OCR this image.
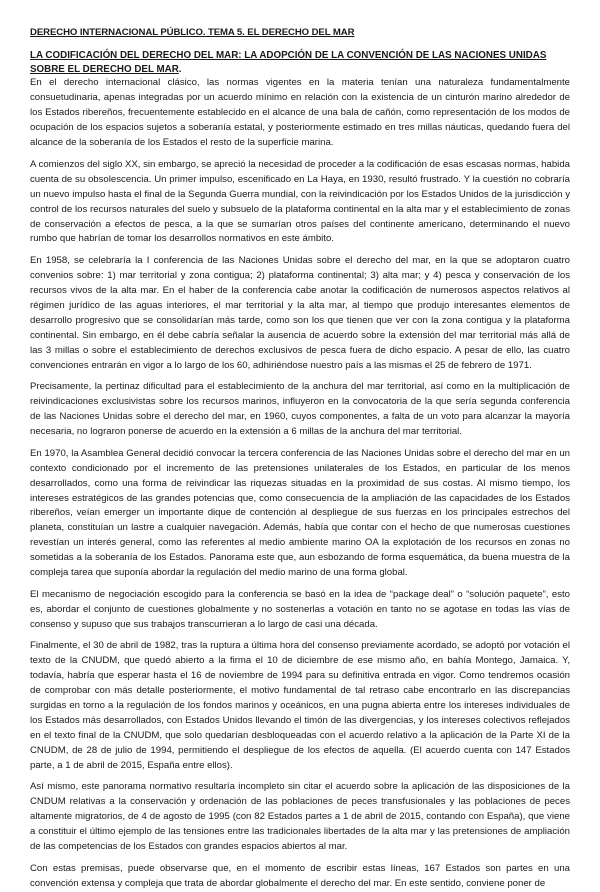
DERECHO INTERNACIONAL PÚBLICO. TEMA 5. EL DERECHO DEL MAR
LA CODIFICACIÓN DEL DERECHO DEL MAR: LA ADOPCIÓN DE LA CONVENCIÓN DE LAS NACIONES UNIDAS SOBRE EL DERECHO DEL MAR.

En el derecho internacional clásico, las normas vigentes en la materia tenían una naturaleza fundamentalmente consuetudinaria, apenas integradas por un acuerdo mínimo en relación con la existencia de un cinturón marino alrededor de los Estados ribereños, frecuentemente establecido en el alcance de una bala de cañón, como representación de los modos de ocupación de los espacios sujetos a soberanía estatal, y posteriormente estimado en tres millas náuticas, quedando fuera del alcance de la soberanía de los Estados el resto de la superficie marina.

A comienzos del siglo XX, sin embargo, se apreció la necesidad de proceder a la codificación de esas escasas normas, habida cuenta de su obsolescencia. Un primer impulso, escenificado en La Haya, en 1930, resultó frustrado. Y la cuestión no cobraría un nuevo impulso hasta el final de la Segunda Guerra mundial, con la reivindicación por los Estados Unidos de la jurisdicción y control de los recursos naturales del suelo y subsuelo de la plataforma continental en la alta mar y el establecimiento de zonas de conservación a efectos de pesca, a la que se sumarían otros países del continente americano, determinando el nuevo rumbo que habrían de tomar los desarrollos normativos en este ámbito.

En 1958, se celebraría la I conferencia de las Naciones Unidas sobre el derecho del mar, en la que se adoptaron cuatro convenios sobre: 1) mar territorial y zona contigua; 2) plataforma continental; 3) alta mar; y 4) pesca y conservación de los recursos vivos de la alta mar. En el haber de la conferencia cabe anotar la codificación de numerosos aspectos relativos al régimen jurídico de las aguas interiores, el mar territorial y la alta mar, al tiempo que produjo interesantes elementos de desarrollo progresivo que se consolidarían más tarde, como son los que tienen que ver con la zona contigua y la plataforma continental. Sin embargo, en él debe cabría señalar la ausencia de acuerdo sobre la extensión del mar territorial más allá de las 3 millas o sobre el establecimiento de derechos exclusivos de pesca fuera de dicho espacio. A pesar de ello, las cuatro convenciones entrarán en vigor a lo largo de los 60, adhiriéndose nuestro país a las mismas el 25 de febrero de 1971.

Precisamente, la pertinaz dificultad para el establecimiento de la anchura del mar territorial, así como en la multiplicación de reivindicaciones exclusivistas sobre los recursos marinos, influyeron en la convocatoria de la que sería segunda conferencia de las Naciones Unidas sobre el derecho del mar, en 1960, cuyos componentes, a falta de un voto para alcanzar la mayoría necesaria, no lograron ponerse de acuerdo en la extensión a 6 millas de la anchura del mar territorial.

En 1970, la Asamblea General decidió convocar la tercera conferencia de las Naciones Unidas sobre el derecho del mar en un contexto condicionado por el incremento de las pretensiones unilaterales de los Estados, en particular de los menos desarrollados, como una forma de reivindicar las riquezas situadas en la proximidad de sus costas. Al mismo tiempo, los intereses estratégicos de las grandes potencias que, como consecuencia de la ampliación de las capacidades de los Estados ribereños, veían emerger un importante dique de contención al despliegue de sus fuerzas en los principales estrechos del planeta, constituían un lastre a cualquier navegación. Además, había que contar con el hecho de que numerosas cuestiones revestían un interés general, como las referentes al medio ambiente marino OA la explotación de los recursos en zonas no sometidas a la soberanía de los Estados. Panorama este que, aun esbozando de forma esquemática, da buena muestra de la compleja tarea que suponía abordar la regulación del medio marino de una forma global.

El mecanismo de negociación escogido para la conferencia se basó en la idea de “package deal” o “solución paquete”, esto es, abordar el conjunto de cuestiones globalmente y no sostenerlas a votación en tanto no se agotase en todas las vías de consenso y supuso que sus trabajos transcurrieran a lo largo de casi una década.

Finalmente, el 30 de abril de 1982, tras la ruptura a última hora del consenso previamente acordado, se adoptó por votación el texto de la CNUDM, que quedó abierto a la firma el 10 de diciembre de ese mismo año, en bahía Montego, Jamaica. Y, todavía, habría que esperar hasta el 16 de noviembre de 1994 para su definitiva entrada en vigor. Como tendremos ocasión de comprobar con más detalle posteriormente, el motivo fundamental de tal retraso cabe encontrarlo en las discrepancias surgidas en torno a la regulación de los fondos marinos y oceánicos, en una pugna abierta entre los intereses individuales de los Estados más desarrollados, con Estados Unidos llevando el timón de las divergencias, y los intereses colectivos reflejados en el texto final de la CNUDM, que solo quedarían desbloqueadas con el acuerdo relativo a la aplicación de la Parte XI de la CNUDM, de 28 de julio de 1994, permitiendo el despliegue de los efectos de aquella. (El acuerdo cuenta con 147 Estados parte, a 1 de abril de 2015, España entre ellos).

Así mismo, este panorama normativo resultaría incompleto sin citar el acuerdo sobre la aplicación de las disposiciones de la CNDUM relativas a la conservación y ordenación de las poblaciones de peces transfusionales y las poblaciones de peces altamente migratorios, de 4 de agosto de 1995 (con 82 Estados partes a 1 de abril de 2015, contando con España), que viene a constituir el último ejemplo de las tensiones entre las tradicionales libertades de la alta mar y las pretensiones de ampliación de las competencias de los Estados con grandes espacios abiertos al mar.

Con estas premisas, puede observarse que, en el momento de escribir estas líneas, 167 Estados son partes en una convención extensa y compleja que trata de abordar globalmente el derecho del mar. En este sentido, conviene poner de
